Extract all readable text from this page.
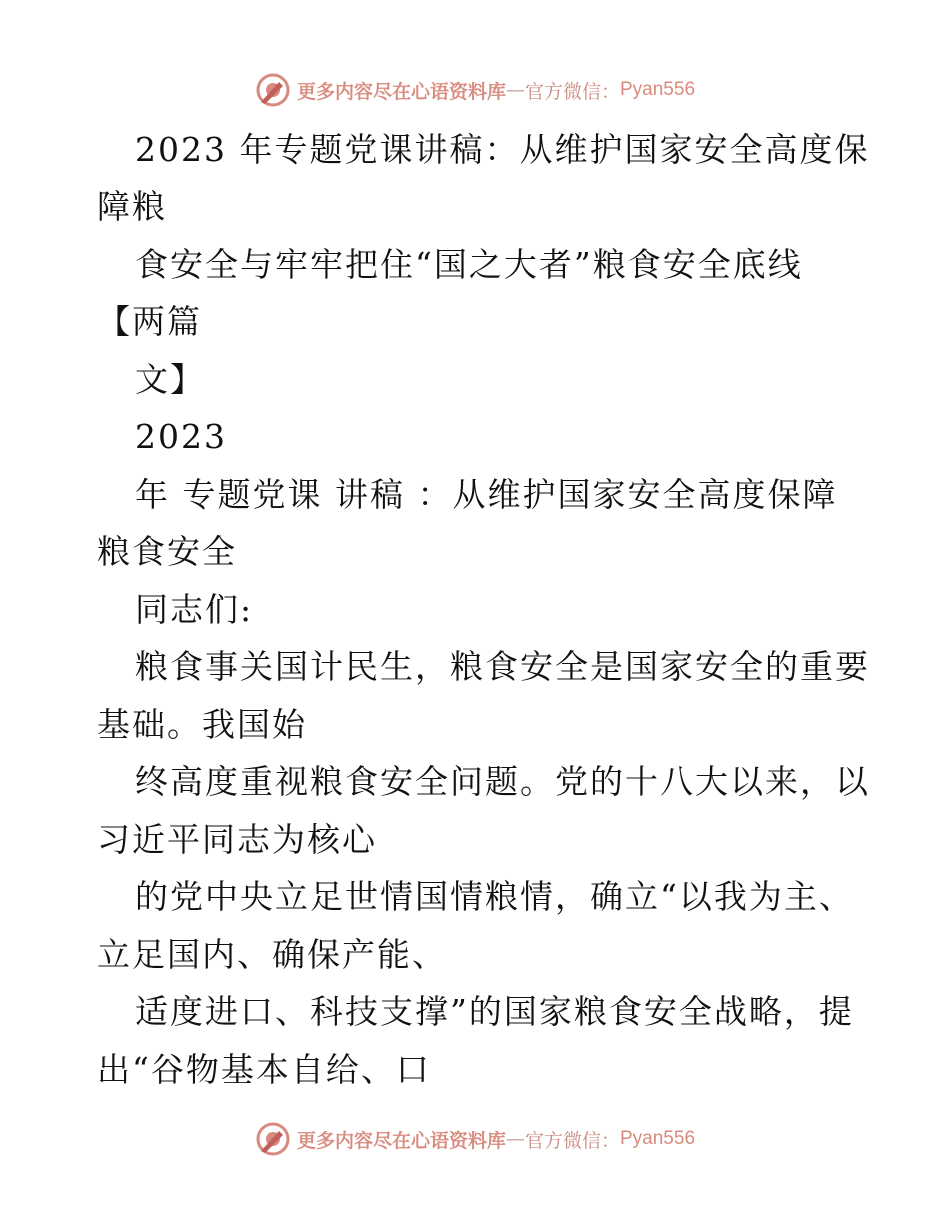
更多内容尽在心语资料库 — 官方微信： Pyan556
2023 年专题党课讲稿：从维护国家安全高度保
障粮
食安全与牢牢把住“国之大者”粮食安全底线
【两篇
文】
2023
年 专题党课 讲稿 ：从维护国家安全高度保障
粮食安全
同志们:
粮食事关国计民生，粮食安全是国家安全的重要
基础。我国始
终高度重视粮食安全问题。党的十八大以来，以
习近平同志为核心
的党中央立足世情国情粮情，确立“以我为主、
立足国内、确保产能、
适度进口、科技支撑”的国家粮食安全战略，提
出“谷物基本自给、口
更多内容尽在心语资料库 — 官方微信： Pyan556
